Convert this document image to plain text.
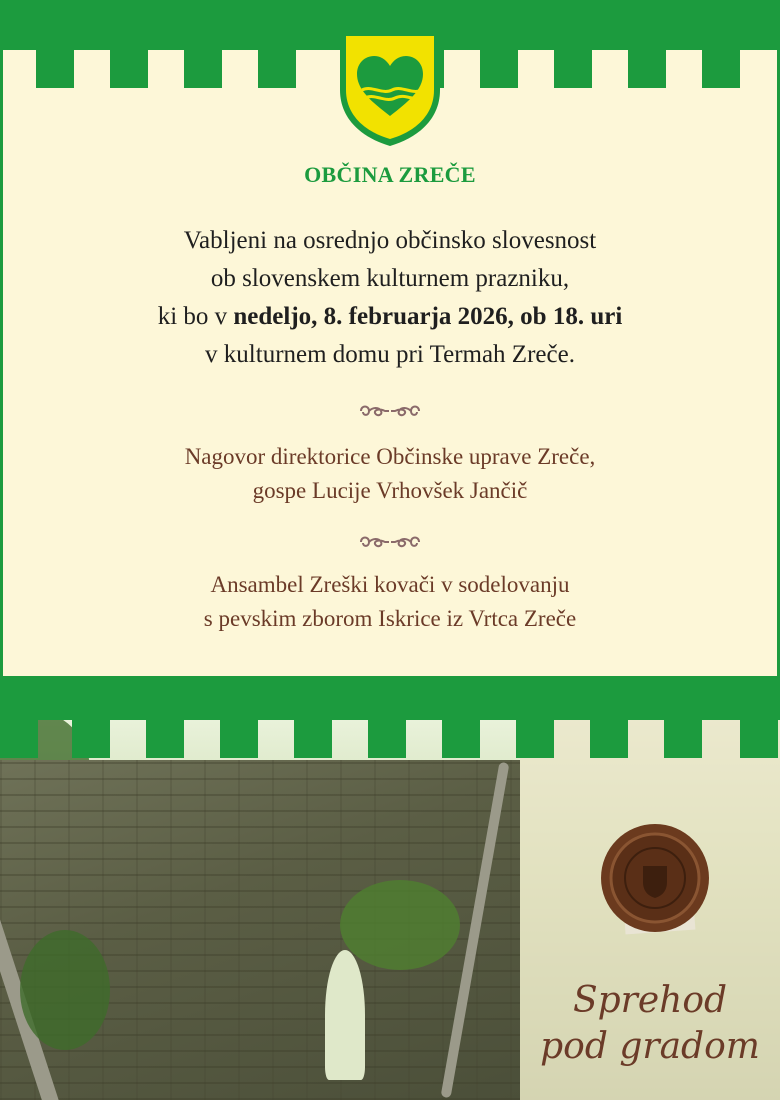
OBČINA ZREČE
Vabljeni na osrednjo občinsko slovesnost
ob slovenskem kulturnem prazniku,
ki bo v nedeljo, 8. februarja 2026, ob 18. uri
v kulturnem domu pri Termah Zreče.
Nagovor direktorice Občinske uprave Zreče,
gospe Lucije Vrhovšek Jančič
Ansambel Zreški kovači v sodelovanju
s pevskim zborom Iskrice iz Vrtca Zreče
Sprehod
pod gradom
